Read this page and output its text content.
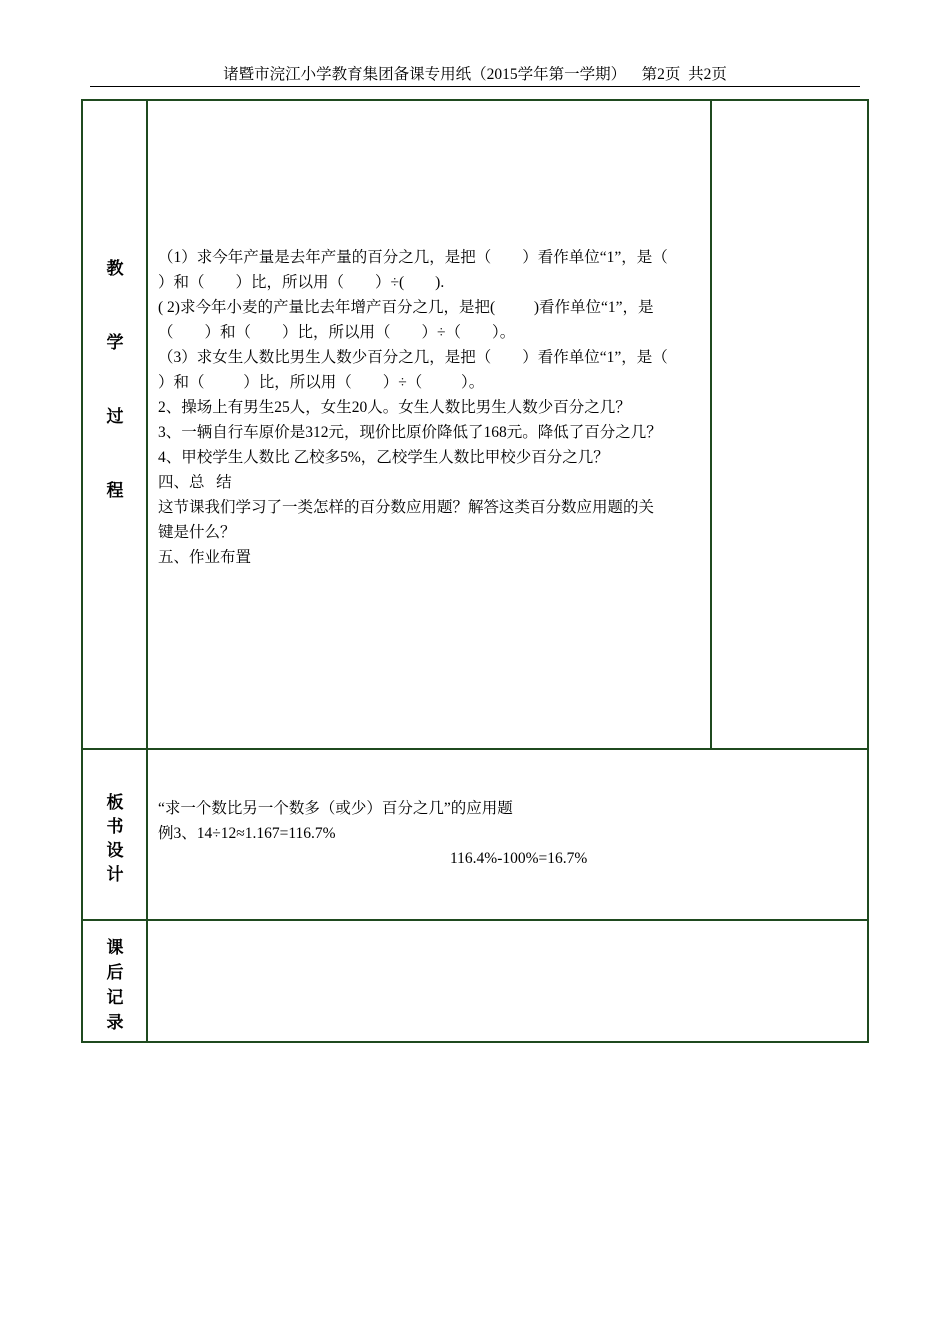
诸暨市浣江小学教育集团备课专用纸（2015学年第一学期）    第2页  共2页
教
学
过
程

（1）求今年产量是去年产量的百分之几，是把（        ）看作单位“1”，是（

）和（        ）比，所以用（        ）÷(        ).

( 2)求今年小麦的产量比去年增产百分之几，是把(          )看作单位“1”，是

（        ）和（        ）比，所以用（        ）÷（        ）。

（3）求女生人数比男生人数少百分之几，是把（        ）看作单位“1”，是（

）和（          ）比，所以用（        ）÷（          ）。

2、操场上有男生25人，女生20人。女生人数比男生人数少百分之几？

3、一辆自行车原价是312元，现价比原价降低了168元。降低了百分之几？

4、甲校学生人数比 乙校多5%，乙校学生人数比甲校少百分之几？

四、总   结

这节课我们学习了一类怎样的百分数应用题？解答这类百分数应用题的关

键是什么？

五、作业布置

板
书
设
计

“求一个数比另一个数多（或少）百分之几”的应用题

例3、14÷12≈1.167=116.7%

116.4%-100%=16.7%

课
后
记
录
